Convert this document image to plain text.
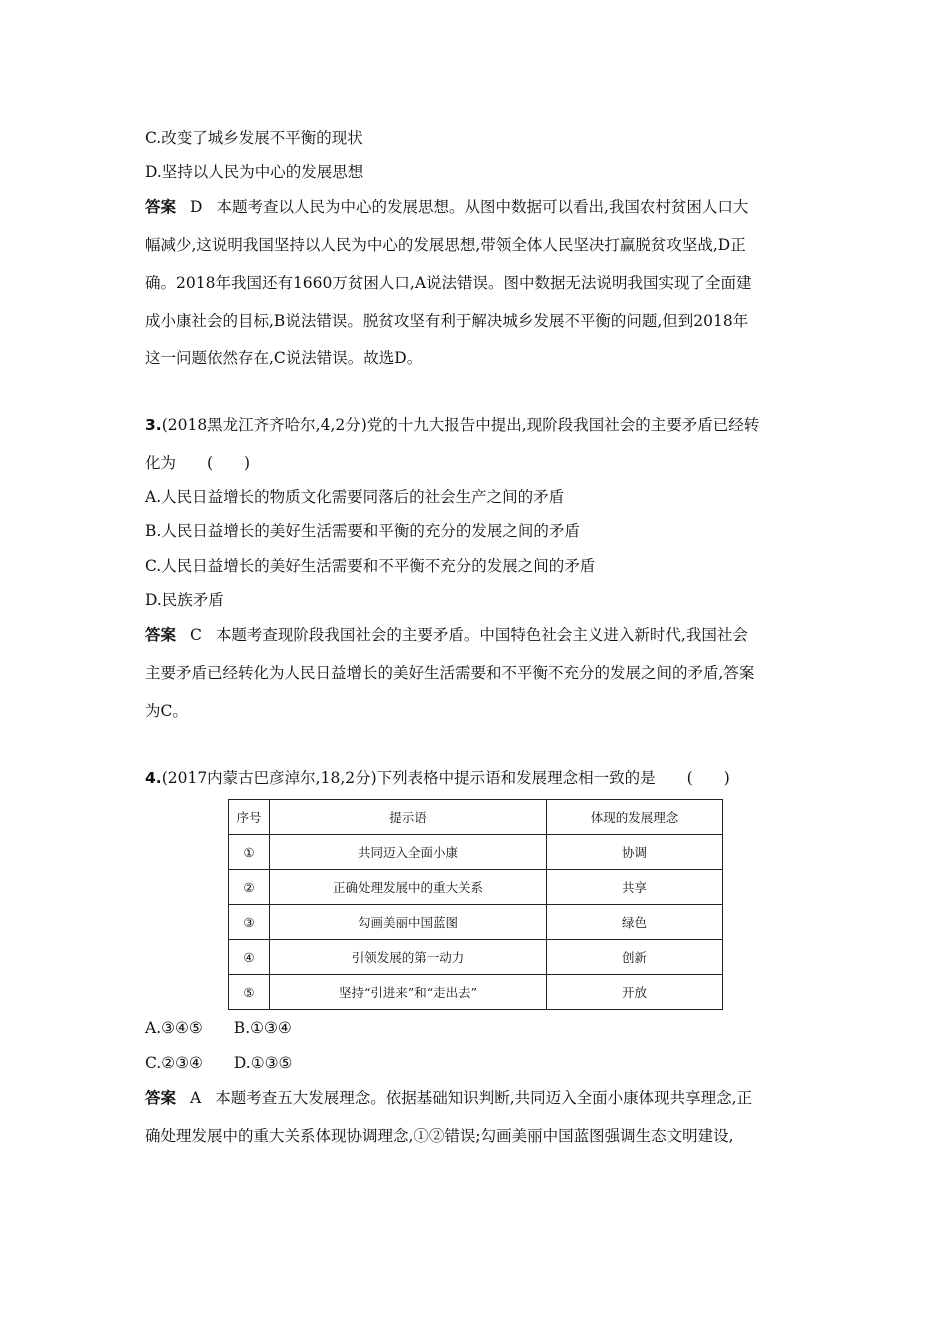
C.改变了城乡发展不平衡的现状
D.坚持以人民为中心的发展思想
答案 D 本题考查以人民为中心的发展思想。从图中数据可以看出,我国农村贫困人口大
幅减少,这说明我国坚持以人民为中心的发展思想,带领全体人民坚决打赢脱贫攻坚战,D正
确。2018年我国还有1660万贫困人口,A说法错误。图中数据无法说明我国实现了全面建
成小康社会的目标,B说法错误。脱贫攻坚有利于解决城乡发展不平衡的问题,但到2018年
这一问题依然存在,C说法错误。故选D。
3.(2018黑龙江齐齐哈尔,4,2分)党的十九大报告中提出,现阶段我国社会的主要矛盾已经转
化为　　(　　)
A.人民日益增长的物质文化需要同落后的社会生产之间的矛盾
B.人民日益增长的美好生活需要和平衡的充分的发展之间的矛盾
C.人民日益增长的美好生活需要和不平衡不充分的发展之间的矛盾
D.民族矛盾
答案 C 本题考查现阶段我国社会的主要矛盾。中国特色社会主义进入新时代,我国社会
主要矛盾已经转化为人民日益增长的美好生活需要和不平衡不充分的发展之间的矛盾,答案
为C。
4.(2017内蒙古巴彦淖尔,18,2分)下列表格中提示语和发展理念相一致的是　　(　　)
序号	提示语	体现的发展理念
①	共同迈入全面小康	协调
②	正确处理发展中的重大关系	共享
③	勾画美丽中国蓝图	绿色
④	引领发展的第一动力	创新
⑤	坚持“引进来”和“走出去”	开放
A.③④⑤　　B.①③④
C.②③④　　D.①③⑤
答案 A 本题考查五大发展理念。依据基础知识判断,共同迈入全面小康体现共享理念,正
确处理发展中的重大关系体现协调理念,①②错误;勾画美丽中国蓝图强调生态文明建设,
